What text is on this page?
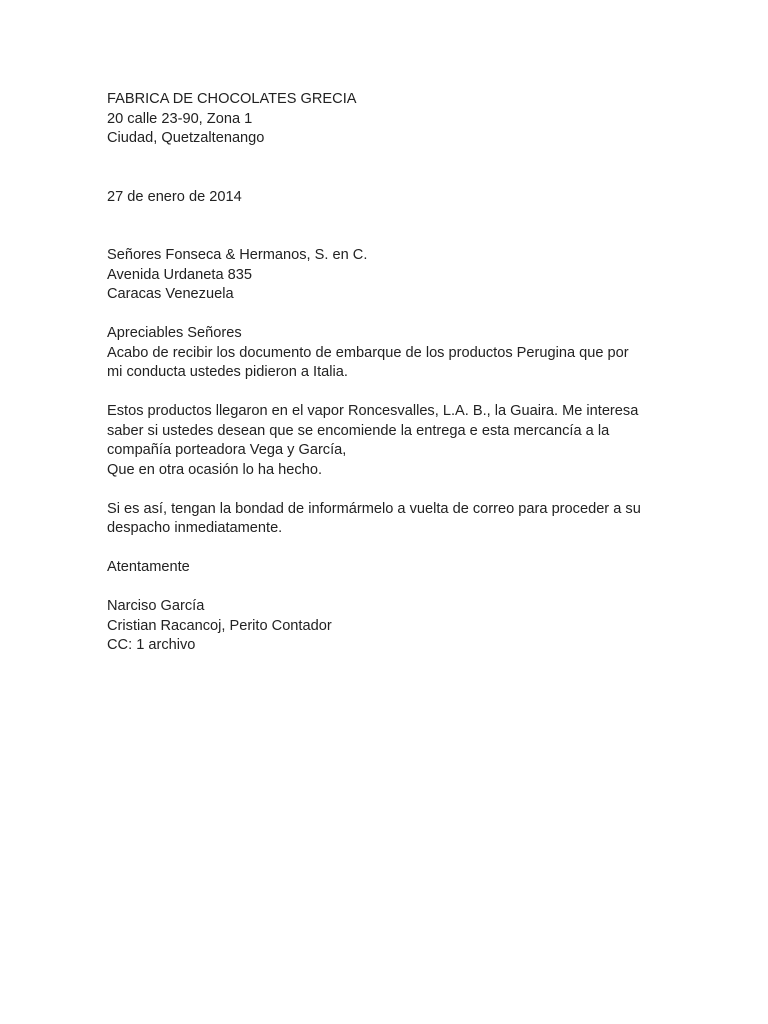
FABRICA DE CHOCOLATES GRECIA
20 calle 23-90, Zona 1
Ciudad, Quetzaltenango
27 de enero de 2014
Señores Fonseca & Hermanos, S. en C.
Avenida Urdaneta 835
Caracas Venezuela
Apreciables Señores
Acabo de recibir los documento de embarque de los productos Perugina que por
mi conducta ustedes pidieron a Italia.
Estos productos llegaron en el vapor Roncesvalles, L.A. B., la Guaira. Me interesa
saber si ustedes desean que se encomiende la entrega e esta mercancía a la
compañía porteadora Vega y García,
Que en otra ocasión lo ha hecho.
Si es así, tengan la bondad de informármelo a vuelta de correo para proceder a su
despacho inmediatamente.
Atentamente
Narciso García
Cristian Racancoj, Perito Contador
CC: 1 archivo
